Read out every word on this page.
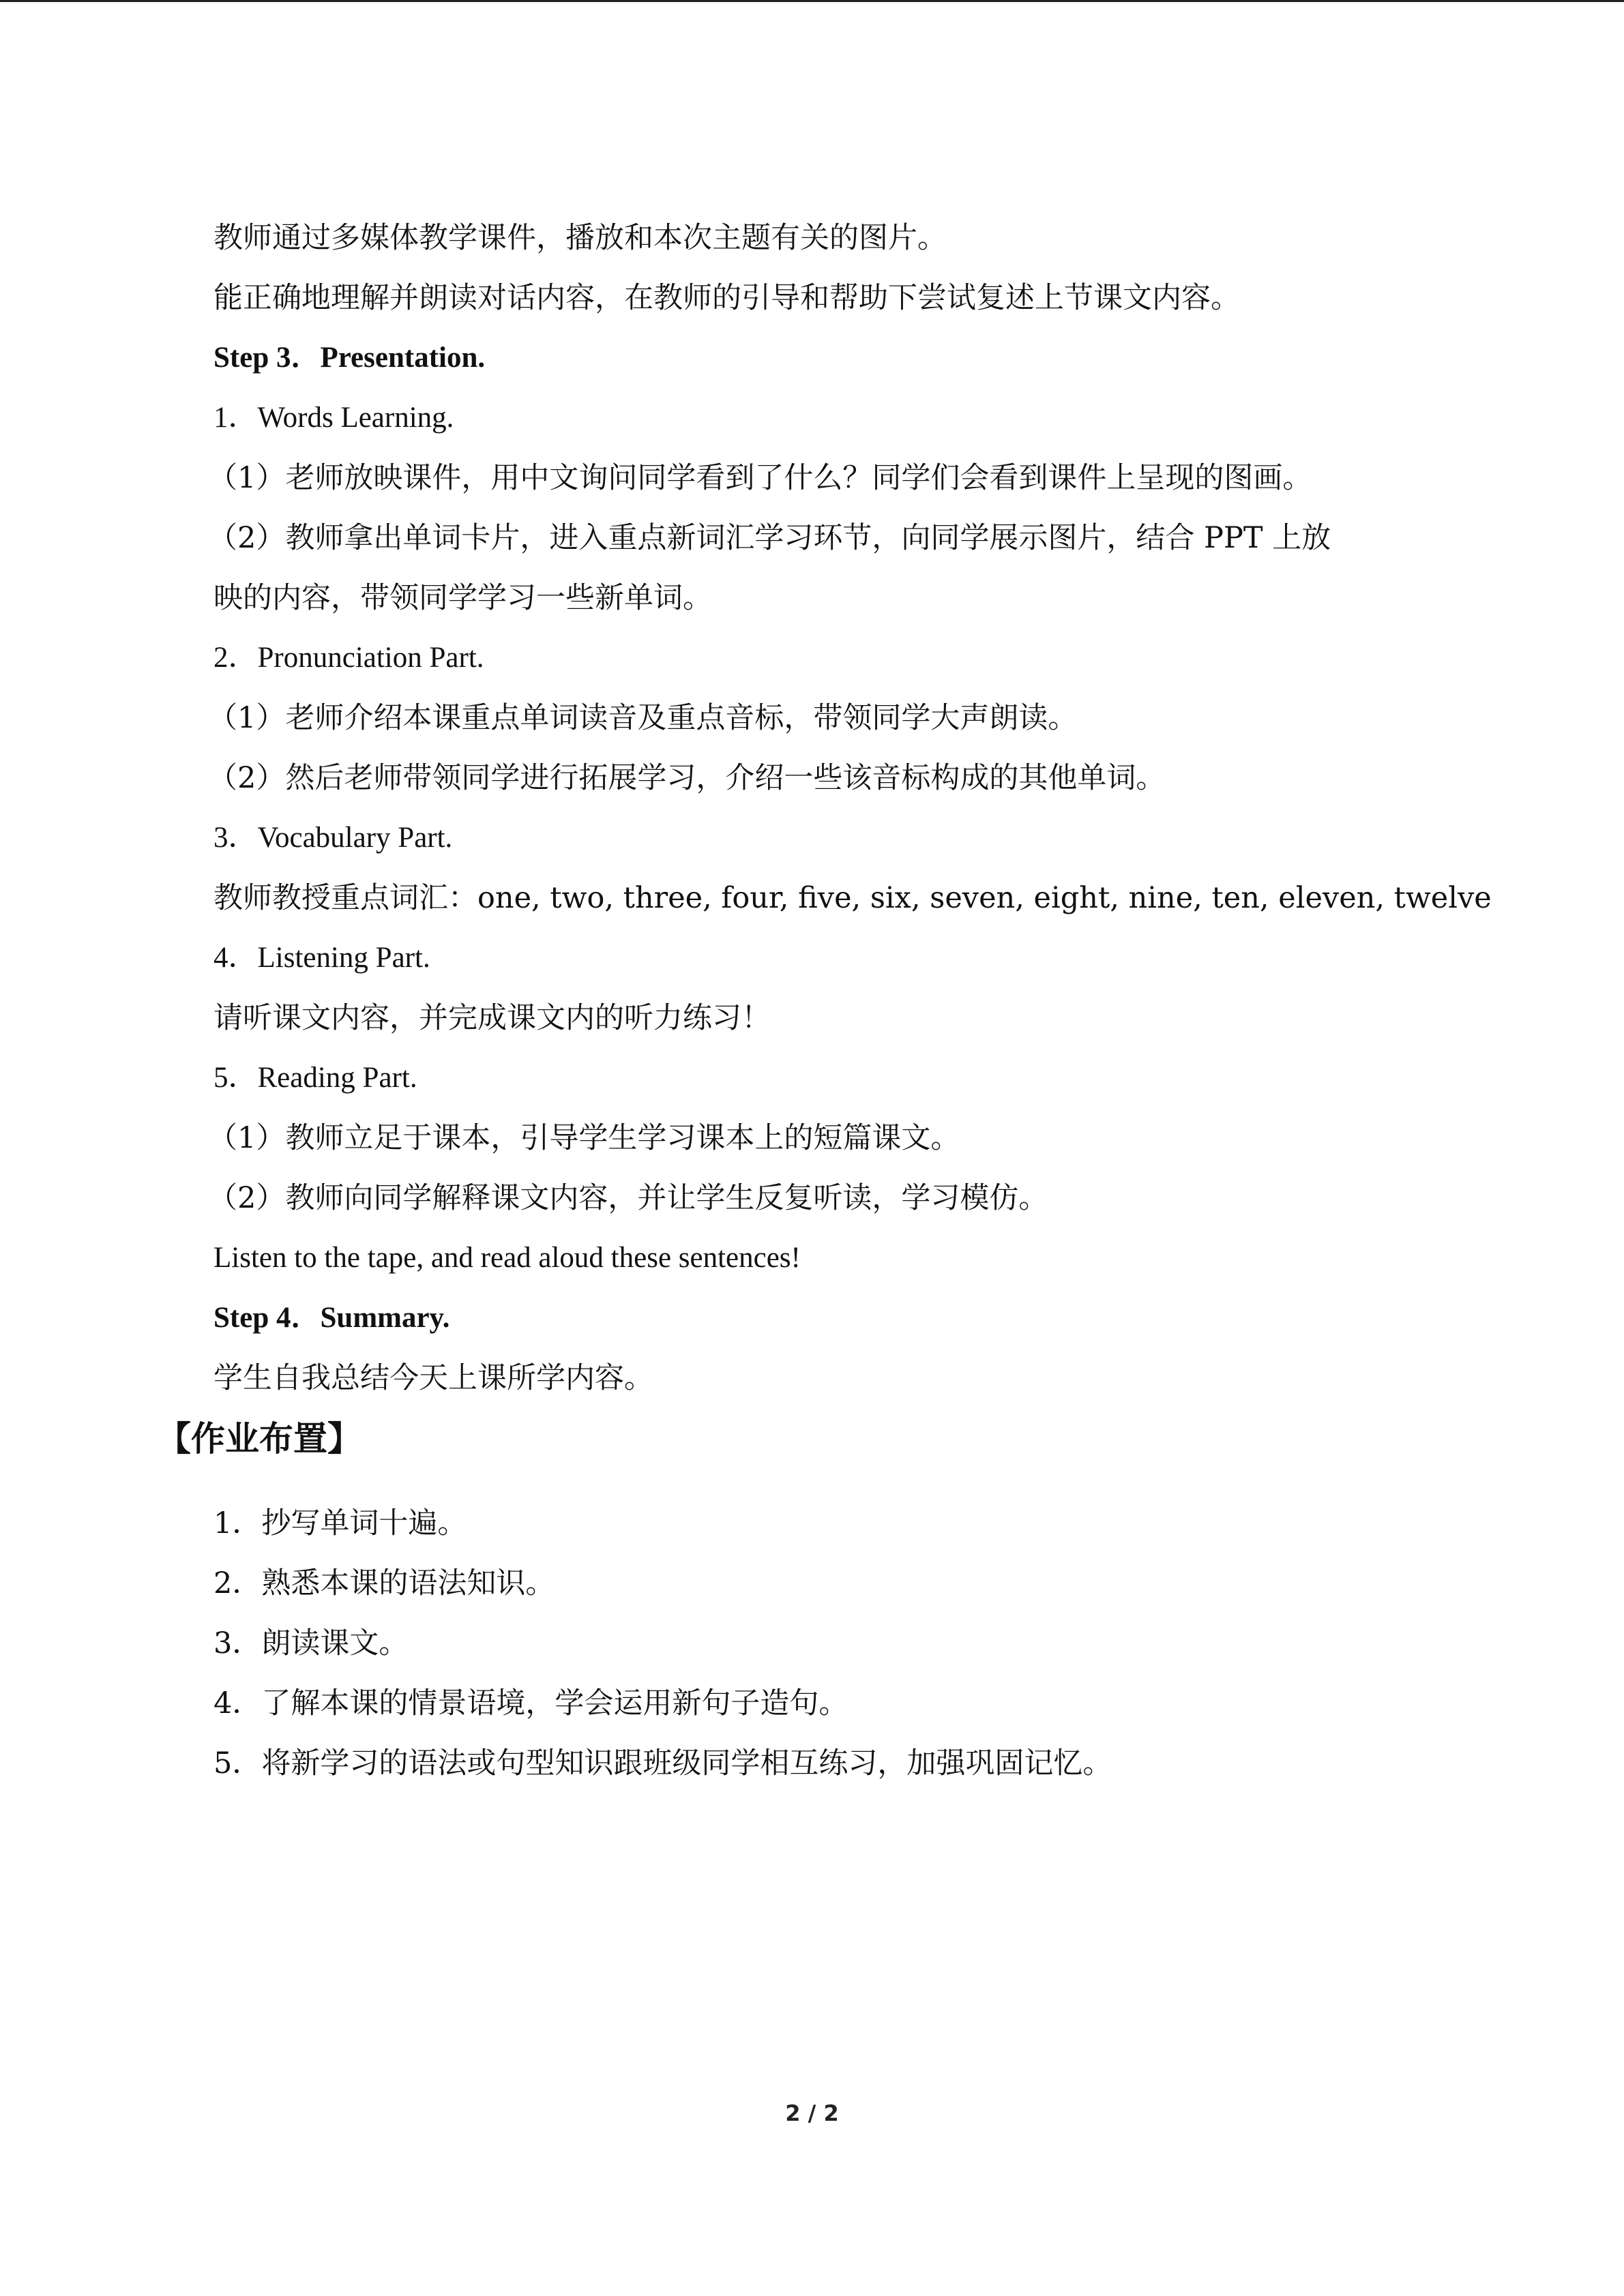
教师通过多媒体教学课件，播放和本次主题有关的图片。
能正确地理解并朗读对话内容，在教师的引导和帮助下尝试复述上节课文内容。
Step 3．Presentation.
1．Words Learning.
（1）老师放映课件，用中文询问同学看到了什么？同学们会看到课件上呈现的图画。
（2）教师拿出单词卡片，进入重点新词汇学习环节，向同学展示图片，结合 PPT 上放
映的内容，带领同学学习一些新单词。
2．Pronunciation Part.
（1）老师介绍本课重点单词读音及重点音标，带领同学大声朗读。
（2）然后老师带领同学进行拓展学习，介绍一些该音标构成的其他单词。
3．Vocabulary Part.
教师教授重点词汇：one, two, three, four, five, six, seven, eight, nine, ten, eleven, twelve
4．Listening Part.
请听课文内容，并完成课文内的听力练习！
5．Reading Part.
（1）教师立足于课本，引导学生学习课本上的短篇课文。
（2）教师向同学解释课文内容，并让学生反复听读，学习模仿。
Listen to the tape, and read aloud these sentences!
Step 4．Summary.
学生自我总结今天上课所学内容。
【作业布置】
1．抄写单词十遍。
2．熟悉本课的语法知识。
3．朗读课文。
4．了解本课的情景语境，学会运用新句子造句。
5．将新学习的语法或句型知识跟班级同学相互练习，加强巩固记忆。
2 / 2
